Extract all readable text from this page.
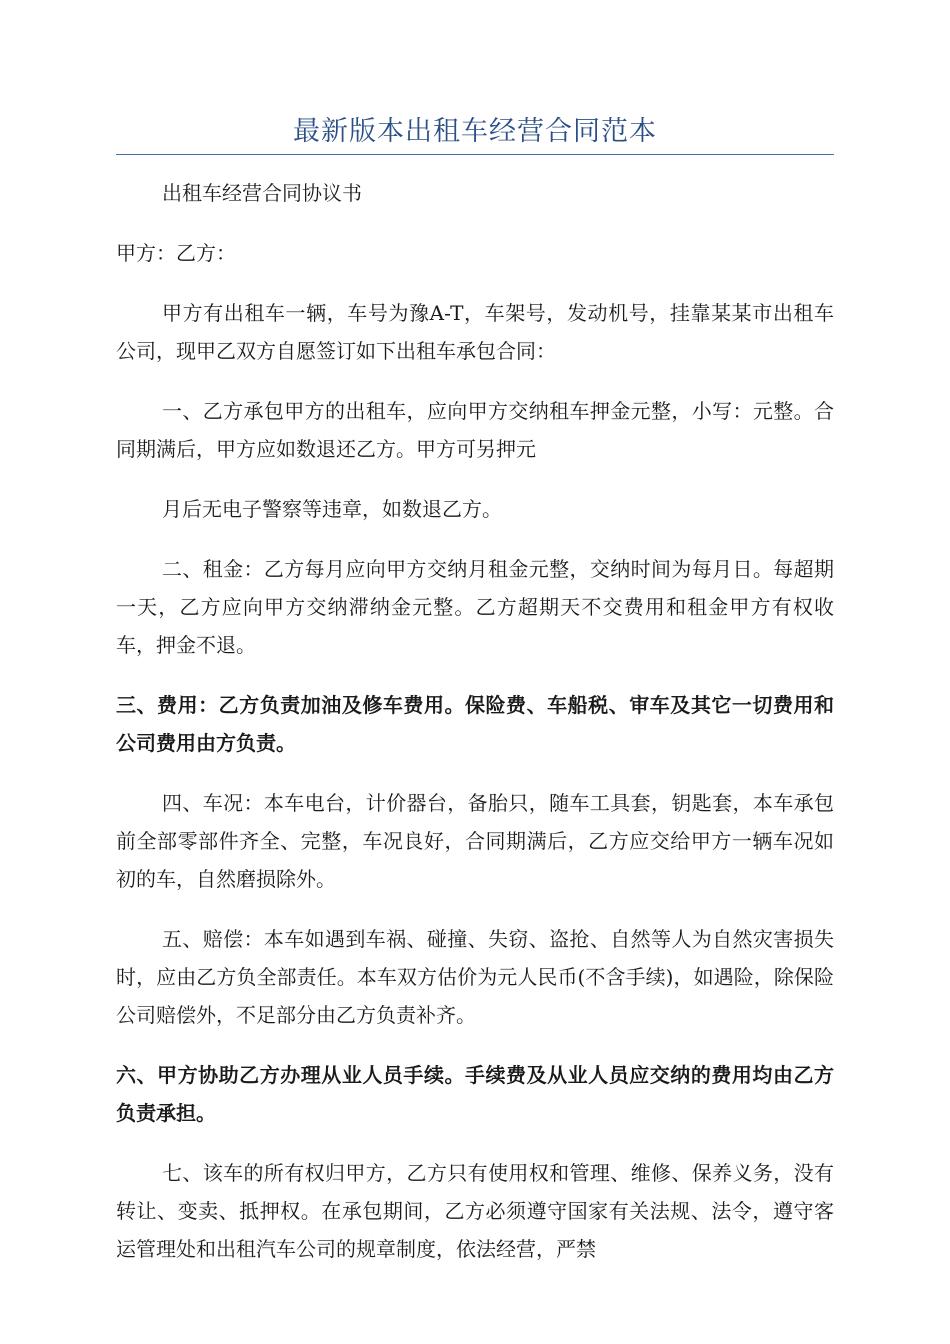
最新版本出租车经营合同范本

出租车经营合同协议书

甲方：乙方：

甲方有出租车一辆，车号为豫A-T，车架号，发动机号，挂靠某某市出租车公司，现甲乙双方自愿签订如下出租车承包合同：

一、乙方承包甲方的出租车，应向甲方交纳租车押金元整，小写：元整。合同期满后，甲方应如数退还乙方。甲方可另押元

月后无电子警察等违章，如数退乙方。

二、租金：乙方每月应向甲方交纳月租金元整，交纳时间为每月日。每超期一天，乙方应向甲方交纳滞纳金元整。乙方超期天不交费用和租金甲方有权收车，押金不退。

三、费用：乙方负责加油及修车费用。保险费、车船税、审车及其它一切费用和公司费用由方负责。

四、车况：本车电台，计价器台，备胎只，随车工具套，钥匙套，本车承包前全部零部件齐全、完整，车况良好，合同期满后，乙方应交给甲方一辆车况如初的车，自然磨损除外。

五、赔偿：本车如遇到车祸、碰撞、失窃、盗抢、自然等人为自然灾害损失时，应由乙方负全部责任。本车双方估价为元人民币(不含手续)，如遇险，除保险公司赔偿外，不足部分由乙方负责补齐。

六、甲方协助乙方办理从业人员手续。手续费及从业人员应交纳的费用均由乙方负责承担。

七、该车的所有权归甲方，乙方只有使用权和管理、维修、保养义务，没有转让、变卖、抵押权。在承包期间，乙方必须遵守国家有关法规、法令，遵守客运管理处和出租汽车公司的规章制度，依法经营，严禁
